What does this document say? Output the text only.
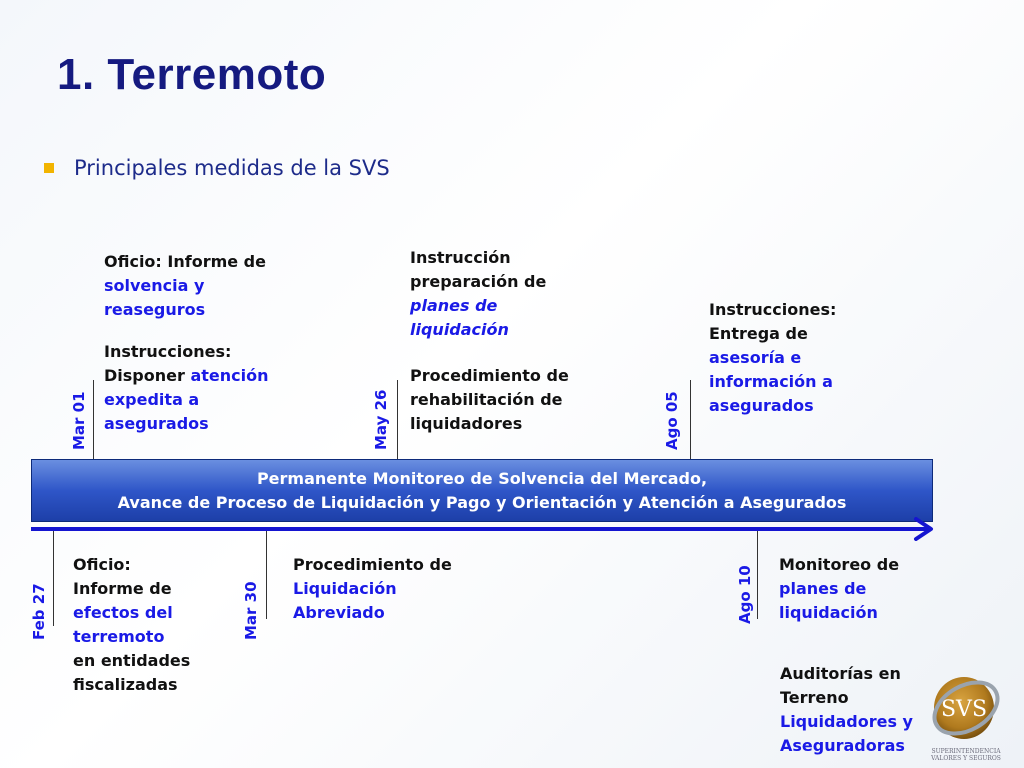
1. Terremoto
Principales medidas de la SVS
Oficio: Informe de
solvencia y
reaseguros
Instrucciones:
Disponer atención
expedita a
asegurados
Instrucción
preparación de
planes de
liquidación
Procedimiento de
rehabilitación de
liquidadores
Instrucciones:
Entrega de
asesoría e
información a
asegurados
Mar 01	May 26	Ago 05
Permanente Monitoreo de Solvencia del Mercado,
Avance de Proceso de Liquidación y Pago y Orientación y Atención a Asegurados
Feb 27	Mar 30	Ago 10
Oficio:
Informe de
efectos del
terremoto
en entidades
fiscalizadas
Procedimiento de
Liquidación
Abreviado
Monitoreo de
planes de
liquidación
Auditorías en
Terreno
Liquidadores y
Aseguradoras
SVS
SUPERINTENDENCIA
VALORES Y SEGUROS
